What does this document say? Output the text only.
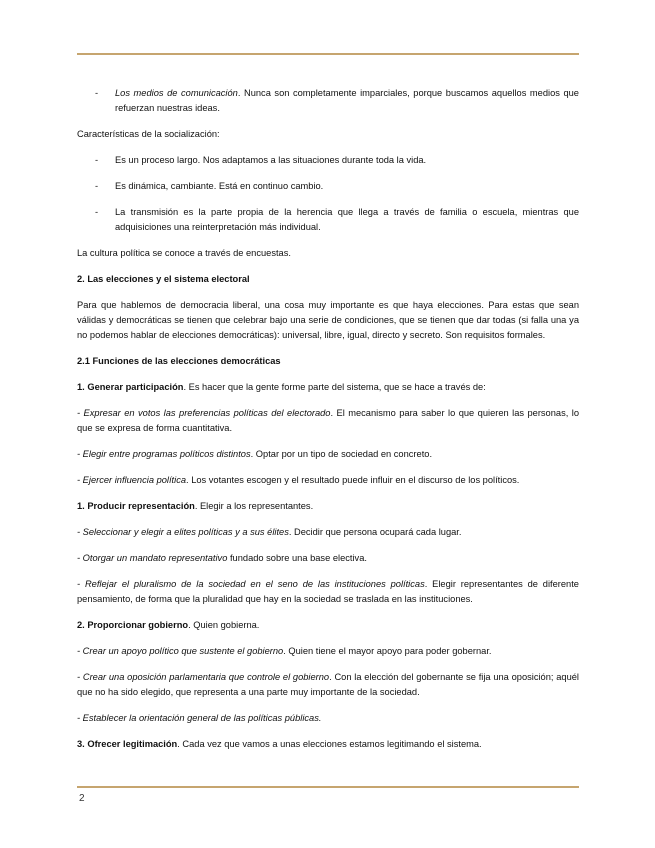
- Los medios de comunicación. Nunca son completamente imparciales, porque buscamos aquellos medios que refuerzan nuestras ideas.

Características de la socialización:

- Es un proceso largo. Nos adaptamos a las situaciones durante toda la vida.
- Es dinámica, cambiante. Está en continuo cambio.
- La transmisión es la parte propia de la herencia que llega a través de familia o escuela, mientras que adquisiciones una reinterpretación más individual.

La cultura política se conoce a través de encuestas.

2. Las elecciones y el sistema electoral

Para que hablemos de democracia liberal, una cosa muy importante es que haya elecciones. Para estas que sean válidas y democráticas se tienen que celebrar bajo una serie de condiciones, que se tienen que dar todas (si falla una ya no podemos hablar de elecciones democráticas): universal, libre, igual, directo y secreto. Son requisitos formales.

2.1 Funciones de las elecciones democráticas

1. Generar participación. Es hacer que la gente forme parte del sistema, que se hace a través de:

- Expresar en votos las preferencias políticas del electorado. El mecanismo para saber lo que quieren las personas, lo que se expresa de forma cuantitativa.

- Elegir entre programas políticos distintos. Optar por un tipo de sociedad en concreto.

- Ejercer influencia política. Los votantes escogen y el resultado puede influir en el discurso de los políticos.

1. Producir representación. Elegir a los representantes.

- Seleccionar y elegir a elites políticas y a sus élites. Decidir que persona ocupará cada lugar.

- Otorgar un mandato representativo fundado sobre una base electiva.

- Reflejar el pluralismo de la sociedad en el seno de las instituciones políticas. Elegir representantes de diferente pensamiento, de forma que la pluralidad que hay en la sociedad se traslada en las instituciones.

2. Proporcionar gobierno. Quien gobierna.

- Crear un apoyo político que sustente el gobierno. Quien tiene el mayor apoyo para poder gobernar.

- Crear una oposición parlamentaria que controle el gobierno. Con la elección del gobernante se fija una oposición; aquél que no ha sido elegido, que representa a una parte muy importante de la sociedad.

- Establecer la orientación general de las políticas públicas.

3. Ofrecer legitimación. Cada vez que vamos a unas elecciones estamos legitimando el sistema.

2
